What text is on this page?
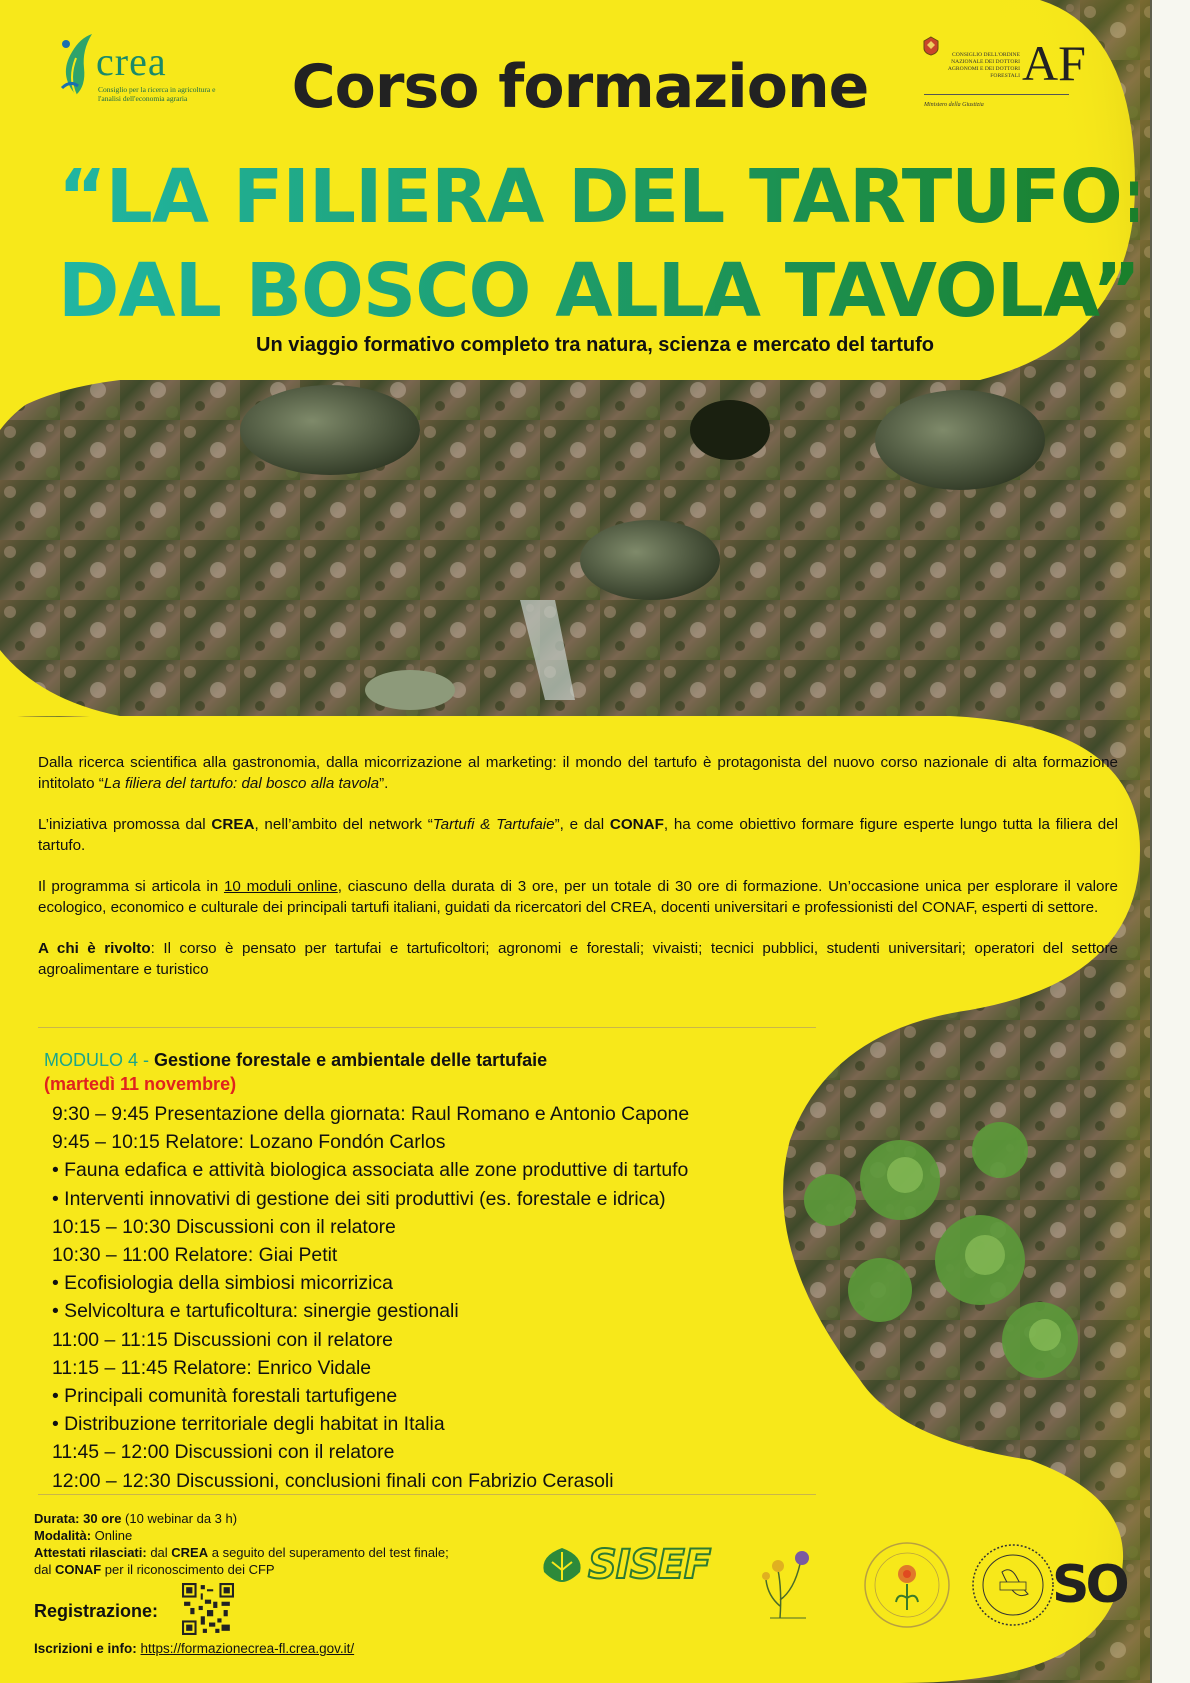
crea
Consiglio per la ricerca in agricoltura e l'analisi dell'economia agraria
CONSIGLIO DELL'ORDINE NAZIONALE DEI DOTTORI AGRONOMI E DEI DOTTORI FORESTALI AF
Ministero della Giustizia
Corso formazione
“LA FILIERA DEL TARTUFO:
DAL BOSCO ALLA TAVOLA”
Un viaggio formativo completo tra natura, scienza e mercato del tartufo

Dalla ricerca scientifica alla gastronomia, dalla micorrizazione al marketing: il mondo del tartufo è protagonista del nuovo corso nazionale di alta formazione intitolato “La filiera del tartufo: dal bosco alla tavola”.

L’iniziativa promossa dal CREA, nell’ambito del network “Tartufi & Tartufaie”, e dal CONAF, ha come obiettivo formare figure esperte lungo tutta la filiera del tartufo.

Il programma si articola in 10 moduli online, ciascuno della durata di 3 ore, per un totale di 30 ore di formazione. Un’occasione unica per esplorare il valore ecologico, economico e culturale dei principali tartufi italiani, guidati da ricercatori del CREA, docenti universitari e professionisti del CONAF, esperti di settore.

A chi è rivolto: Il corso è pensato per tartufai e tartuficoltori; agronomi e forestali; vivaisti; tecnici pubblici, studenti universitari; operatori del settore agroalimentare e turistico

MODULO 4 - Gestione forestale e ambientale delle tartufaie
(martedì 11 novembre)
9:30 – 9:45 Presentazione della giornata: Raul Romano e Antonio Capone
9:45 – 10:15 Relatore: Lozano Fondón Carlos
• Fauna edafica e attività biologica associata alle zone produttive di tartufo
• Interventi innovativi di gestione dei siti produttivi (es. forestale e idrica)
10:15 – 10:30 Discussioni con il relatore
10:30 – 11:00 Relatore: Giai Petit
• Ecofisiologia della simbiosi micorrizica
• Selvicoltura e tartuficoltura: sinergie gestionali
11:00 – 11:15 Discussioni con il relatore
11:15 – 11:45 Relatore: Enrico Vidale
• Principali comunità forestali tartufigene
• Distribuzione territoriale degli habitat in Italia
11:45 – 12:00 Discussioni con il relatore
12:00 – 12:30 Discussioni, conclusioni finali con Fabrizio Cerasoli
Durata: 30 ore (10 webinar da 3 h)
Modalità: Online
Attestati rilasciati: dal CREA a seguito del superamento del test finale;
dal CONAF per il riconoscimento dei CFP
Registrazione:
Iscrizioni e info: https://formazionecrea-fl.crea.gov.it/
SISEF	SO
